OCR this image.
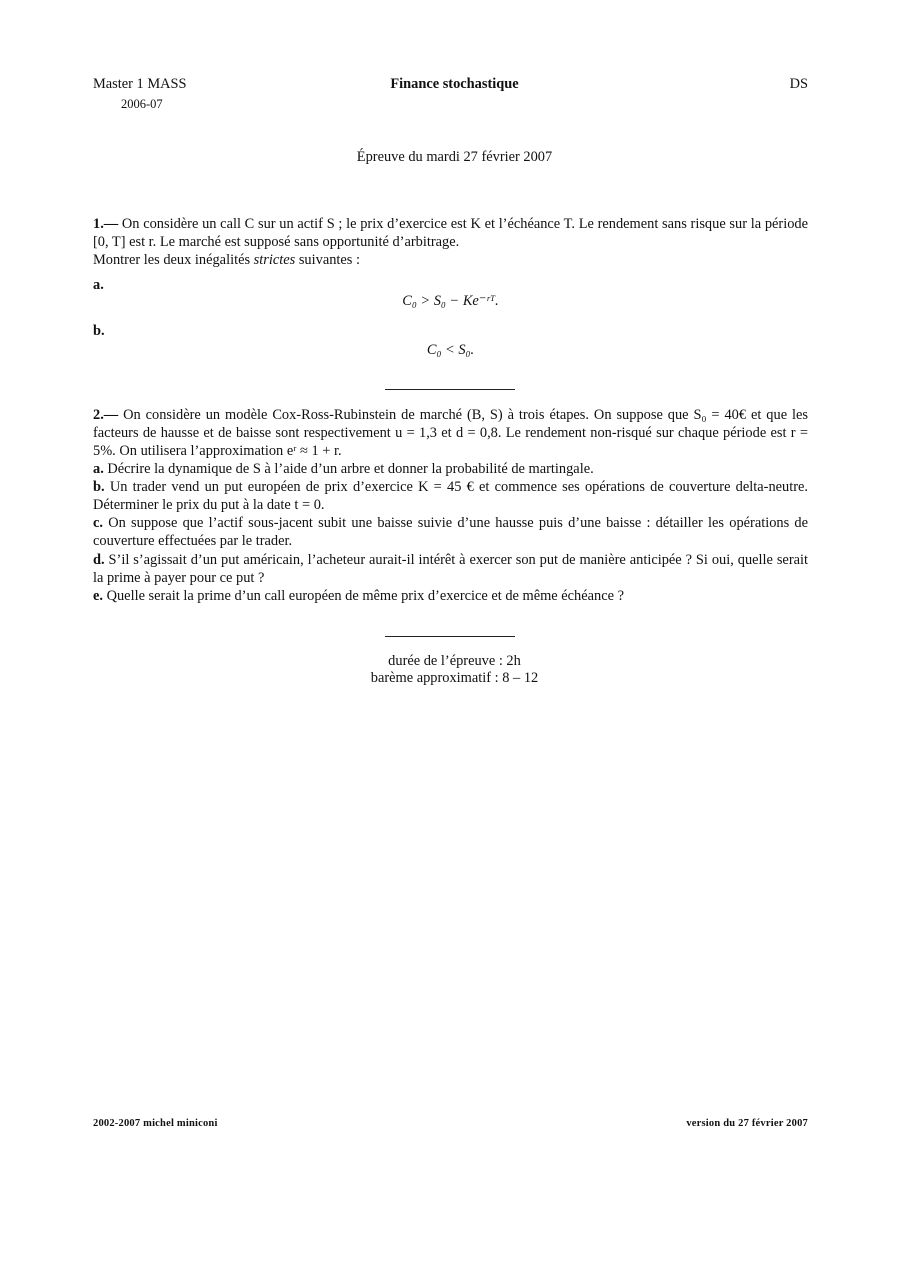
Master 1 MASS
2006-07
Finance stochastique	DS
Épreuve du mardi 27 février 2007
1.— On considère un call C sur un actif S ; le prix d’exercice est K et l’échéance T. Le rendement sans risque sur la période [0, T] est r. Le marché est supposé sans opportunité d’arbitrage.
Montrer les deux inégalités strictes suivantes :
a.
C₀ > S₀ − Ke⁻ʳᵀ.
b.
C₀ < S₀.
2.— On considère un modèle Cox-Ross-Rubinstein de marché (B, S) à trois étapes. On suppose que S₀ = 40€ et que les facteurs de hausse et de baisse sont respectivement u = 1,3 et d = 0,8. Le rendement non-risqué sur chaque période est r = 5%. On utilisera l’approximation eʳ ≈ 1 + r.
a. Décrire la dynamique de S à l’aide d’un arbre et donner la probabilité de martingale.
b. Un trader vend un put européen de prix d’exercice K = 45 € et commence ses opérations de couverture delta-neutre. Déterminer le prix du put à la date t = 0.
c. On suppose que l’actif sous-jacent subit une baisse suivie d’une hausse puis d’une baisse : détailler les opérations de couverture effectuées par le trader.
d. S’il s’agissait d’un put américain, l’acheteur aurait-il intérêt à exercer son put de manière anticipée ? Si oui, quelle serait la prime à payer pour ce put ?
e. Quelle serait la prime d’un call européen de même prix d’exercice et de même échéance ?
durée de l’épreuve : 2h
barème approximatif : 8 – 12
2002-2007 michel miniconi	version du 27 février 2007
